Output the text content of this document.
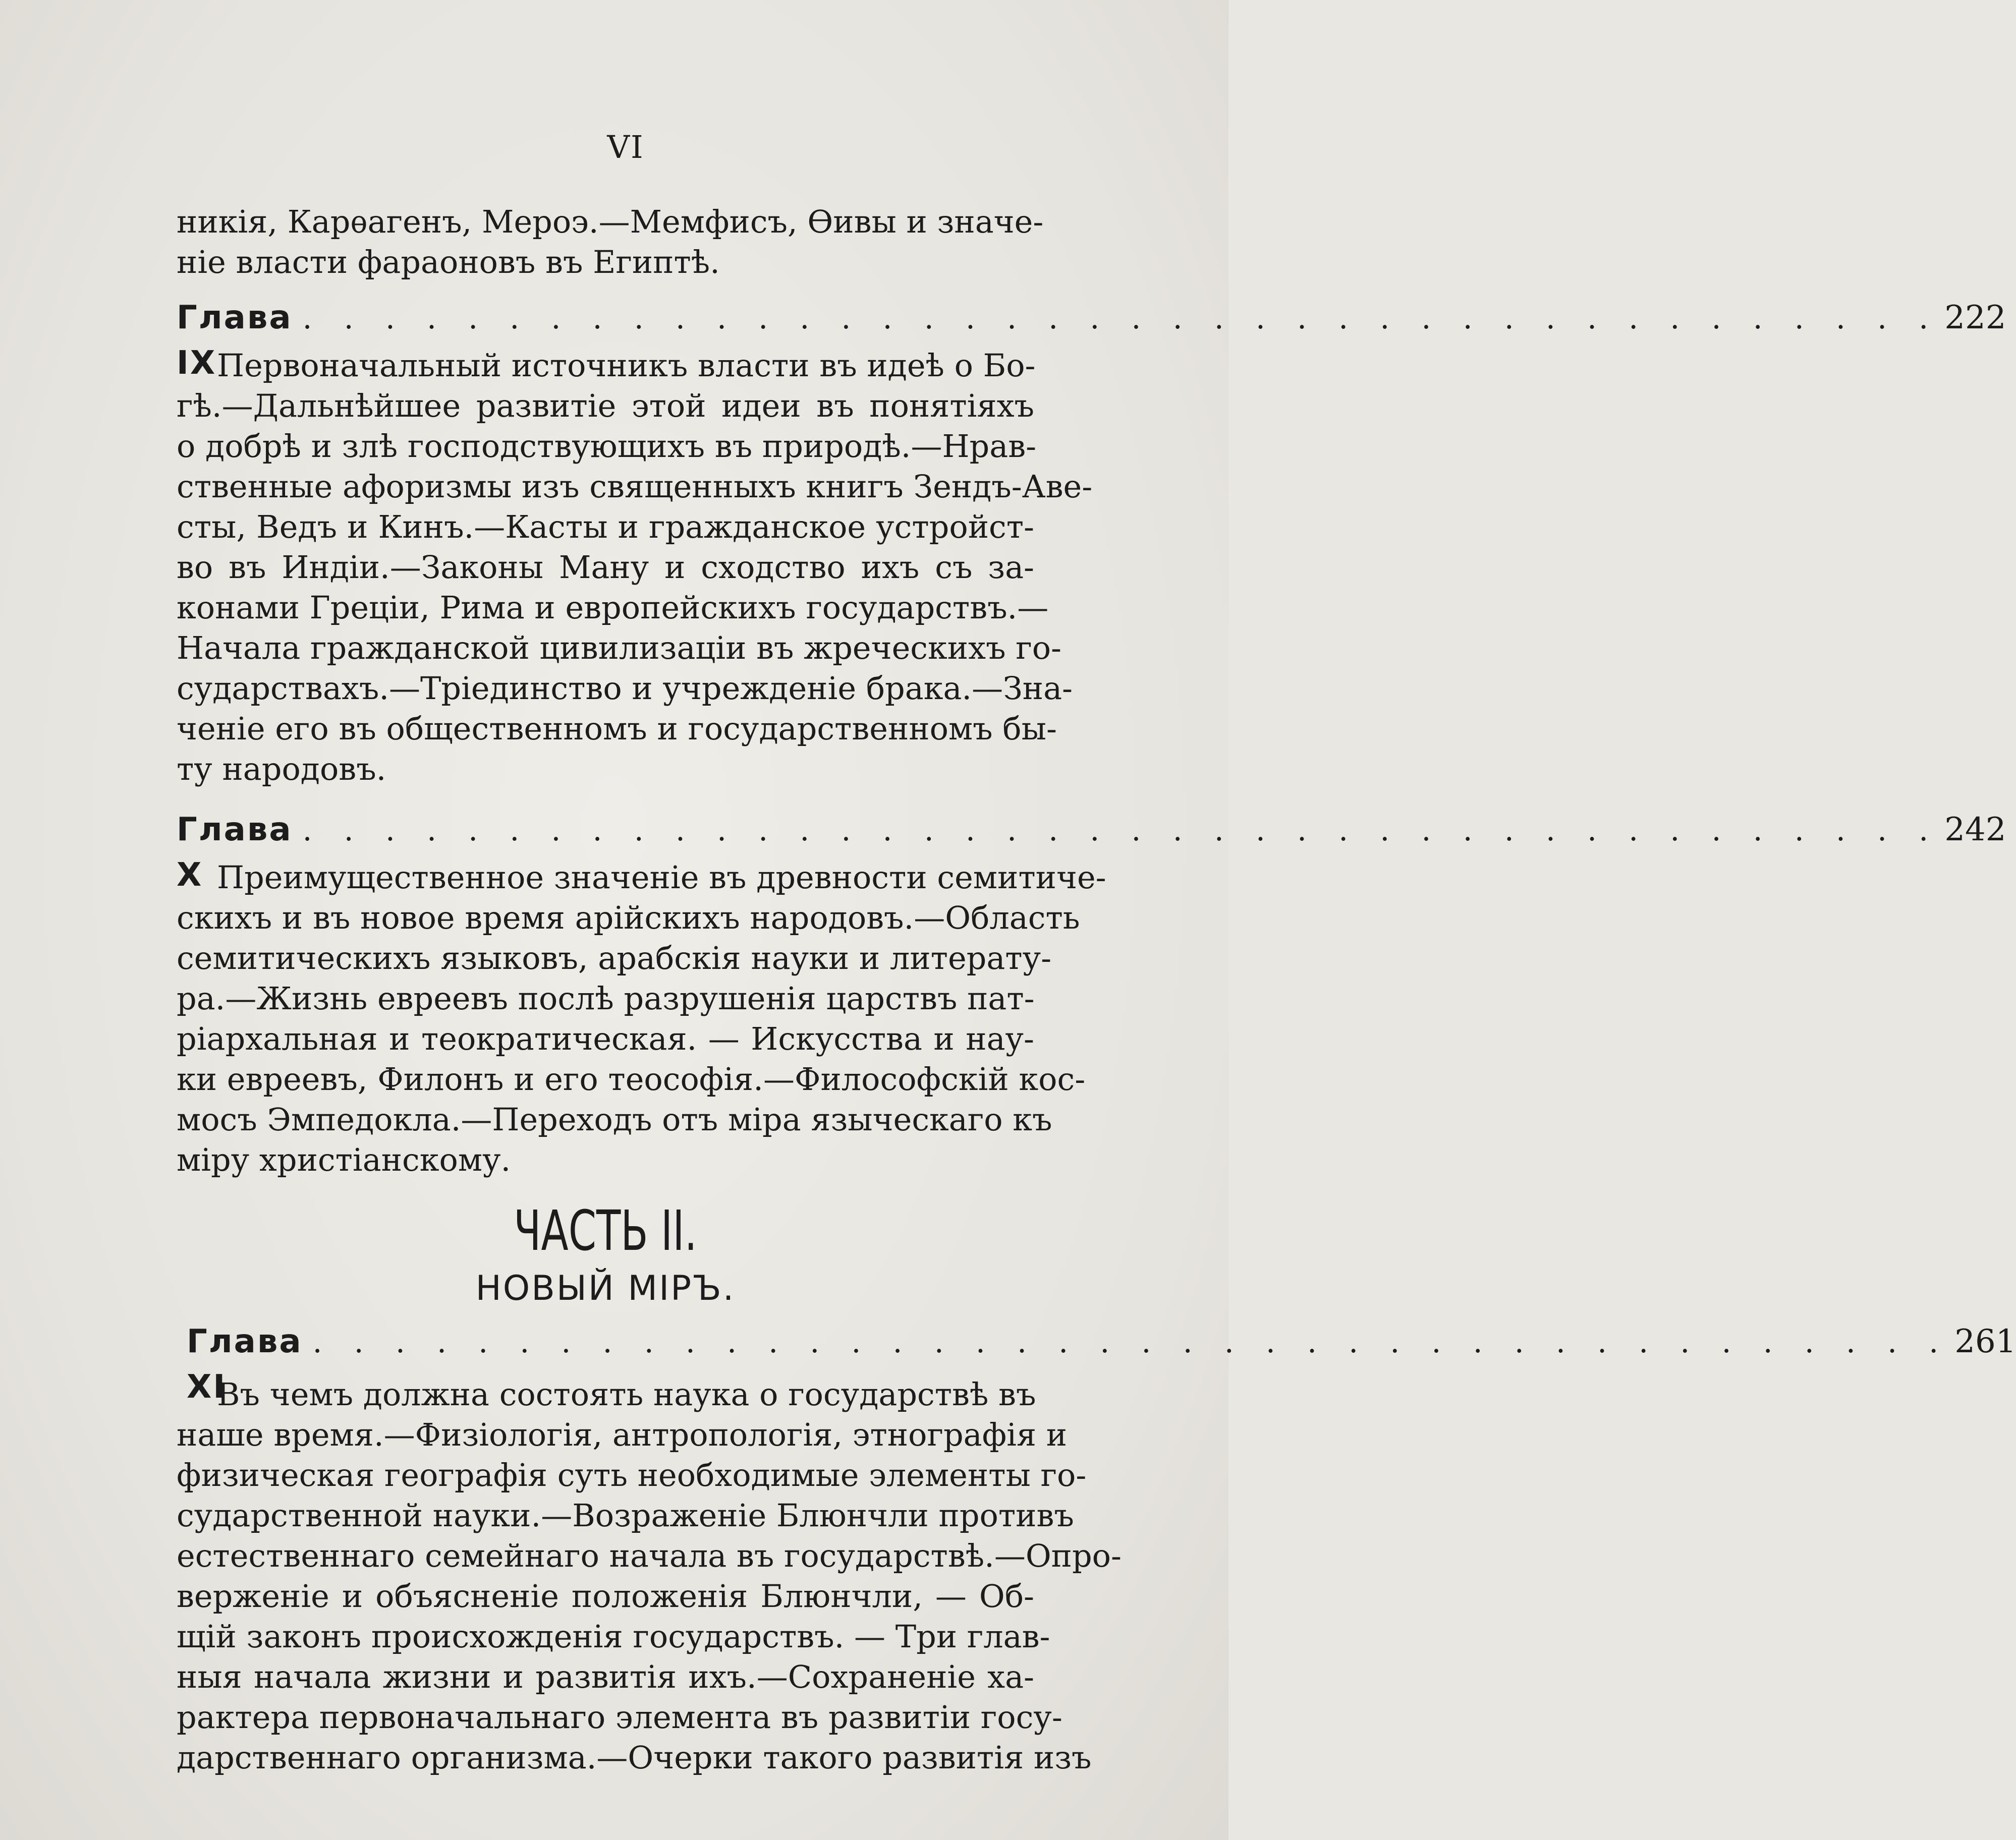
VI
никія, Карѳагенъ, Мероэ.—Мемфисъ, Ѳивы и значе-
ніе власти фараоновъ въ Египтѣ.
Глава IX
. . . . . . . . . . . . . . . . . . . . . . . . . . . . . . . . . . . . . . . . 222
Первоначальный источникъ власти въ идеѣ о Бо-
гѣ.—Дальнѣйшее развитіе этой идеи въ понятіяхъ
о добрѣ и злѣ господствующихъ въ природѣ.—Нрав-
ственные афоризмы изъ священныхъ книгъ Зендъ-Аве-
сты, Ведъ и Кинъ.—Касты и гражданское устройст-
во въ Индіи.—Законы Ману и сходство ихъ съ за-
конами Греціи, Рима и европейскихъ государствъ.—
Начала гражданской цивилизаціи въ жреческихъ го-
сударствахъ.—Тріединство и учрежденіе брака.—Зна-
ченіе его въ общественномъ и государственномъ бы-
ту народовъ.
Глава X
. . . . . . . . . . . . . . . . . . . . . . . . . . . . . . . . . . . . . . . . 242
Преимущественное значеніе въ древности семитиче-
скихъ и въ новое время арійскихъ народовъ.—Область
семитическихъ языковъ, арабскія науки и литерату-
ра.—Жизнь евреевъ послѣ разрушенія царствъ пат-
ріархальная и теократическая. — Искусства и нау-
ки евреевъ, Филонъ и его теософія.—Философскій кос-
мосъ Эмпедокла.—Переходъ отъ міра языческаго къ
міру христіанскому.
ЧАСТЬ II.
НОВЫЙ МІРЪ.
Глава XI
. . . . . . . . . . . . . . . . . . . . . . . . . . . . . . . . . . . . . . . . 261
Въ чемъ должна состоять наука о государствѣ въ
наше время.—Физіологія, антропологія, этнографія и
физическая географія суть необходимые элементы го-
сударственной науки.—Возраженіе Блюнчли противъ
естественнаго семейнаго начала въ государствѣ.—Опро-
верженіе и объясненіе положенія Блюнчли, — Об-
щій законъ происхожденія государствъ. — Три глав-
ныя начала жизни и развитія ихъ.—Сохраненіе ха-
рактера первоначальнаго элемента въ развитіи госу-
дарственнаго организма.—Очерки такого развитія изъ
